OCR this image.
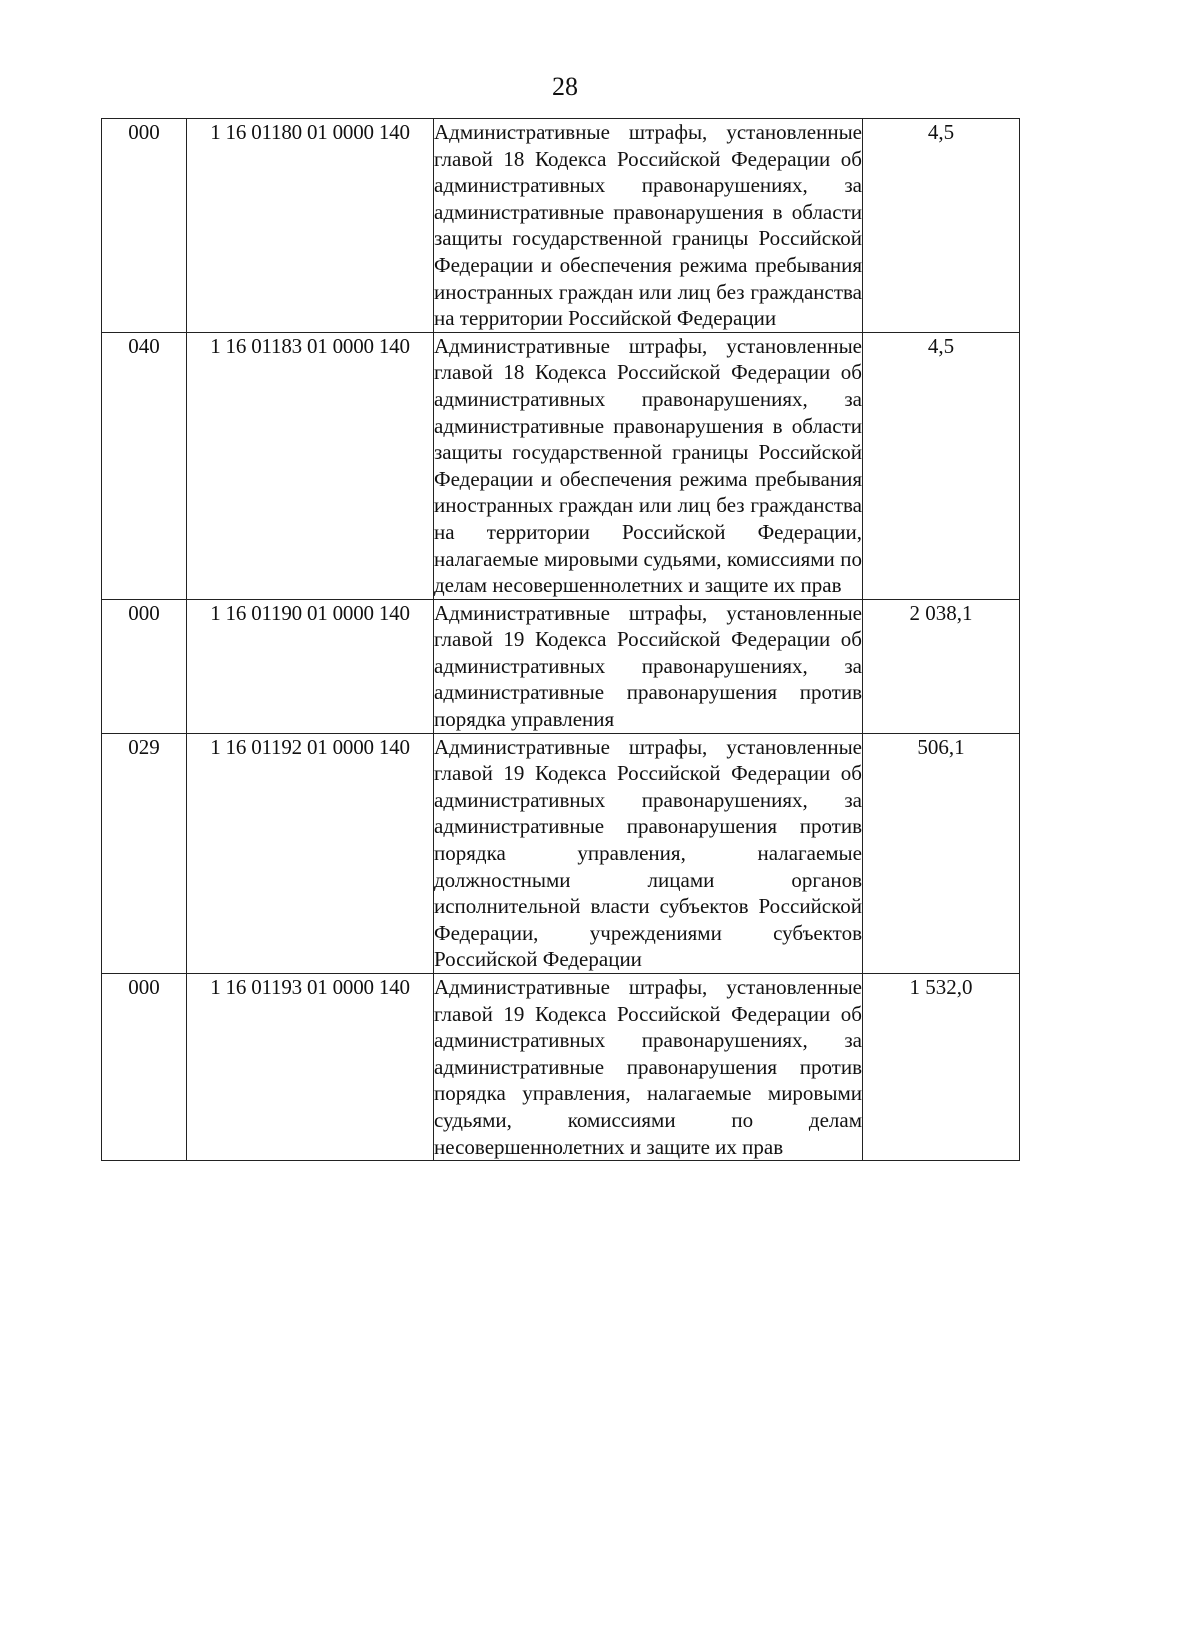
28
000	1 16 01180 01 0000 140	Административные штрафы, установленные главой 18 Кодекса Российской Федерации об административных правонарушениях, за административные правонарушения в области защиты государственной границы Российской Федерации и обеспечения режима пребывания иностранных граждан или лиц без гражданства на территории Российской Федерации	4,5
040	1 16 01183 01 0000 140	Административные штрафы, установленные главой 18 Кодекса Российской Федерации об административных правонарушениях, за административные правонарушения в области защиты государственной границы Российской Федерации и обеспечения режима пребывания иностранных граждан или лиц без гражданства на территории Российской Федерации, налагаемые мировыми судьями, комиссиями по делам несовершеннолетних и защите их прав	4,5
000	1 16 01190 01 0000 140	Административные штрафы, установленные главой 19 Кодекса Российской Федерации об административных правонарушениях, за административные правонарушения против порядка управления	2 038,1
029	1 16 01192 01 0000 140	Административные штрафы, установленные главой 19 Кодекса Российской Федерации об административных правонарушениях, за административные правонарушения против порядка управления, налагаемые должностными лицами органов исполнительной власти субъектов Российской Федерации, учреждениями субъектов Российской Федерации	506,1
000	1 16 01193 01 0000 140	Административные штрафы, установленные главой 19 Кодекса Российской Федерации об административных правонарушениях, за административные правонарушения против порядка управления, налагаемые мировыми судьями, комиссиями по делам несовершеннолетних и защите их прав	1 532,0
